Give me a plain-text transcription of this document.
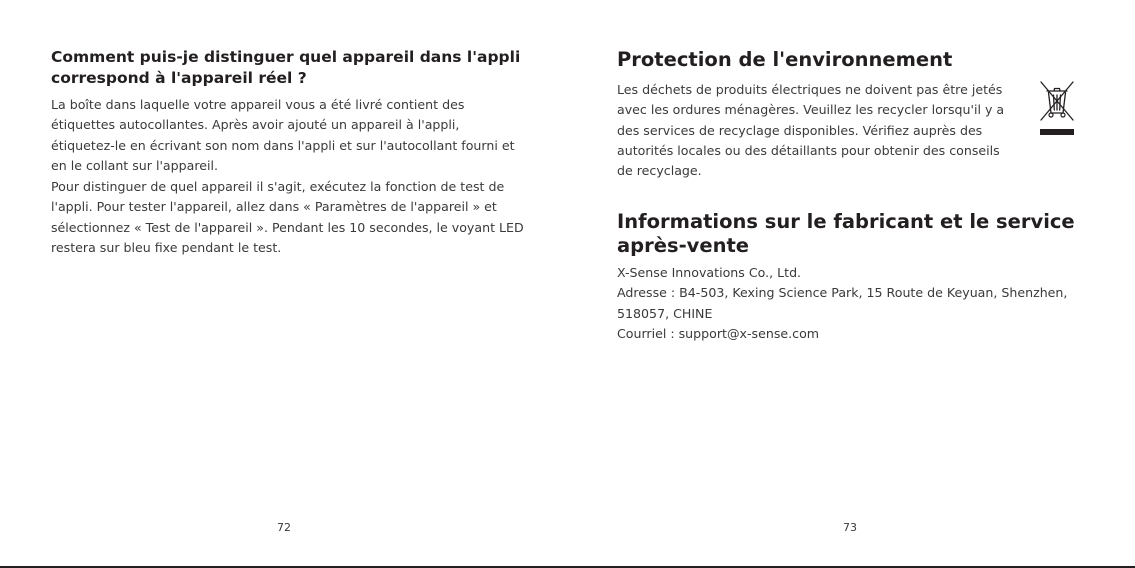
Comment puis-je distinguer quel appareil dans l'appli
correspond à l'appareil réel ?

La boîte dans laquelle votre appareil vous a été livré contient des
étiquettes autocollantes. Après avoir ajouté un appareil à l'appli,
étiquetez-le en écrivant son nom dans l'appli et sur l'autocollant fourni et
en le collant sur l'appareil.

Pour distinguer de quel appareil il s'agit, exécutez la fonction de test de
l'appli. Pour tester l'appareil, allez dans « Paramètres de l'appareil » et
sélectionnez « Test de l'appareil ». Pendant les 10 secondes, le voyant LED
restera sur bleu fixe pendant le test.

72
Protection de l'environnement

Les déchets de produits électriques ne doivent pas être jetés
avec les ordures ménagères. Veuillez les recycler lorsqu'il y a
des services de recyclage disponibles. Vérifiez auprès des
autorités locales ou des détaillants pour obtenir des conseils
de recyclage.

Informations sur le fabricant et le service
après-vente

X-Sense Innovations Co., Ltd.
Adresse : B4-503, Kexing Science Park, 15 Route de Keyuan, Shenzhen,
518057, CHINE
Courriel : support@x-sense.com

73
